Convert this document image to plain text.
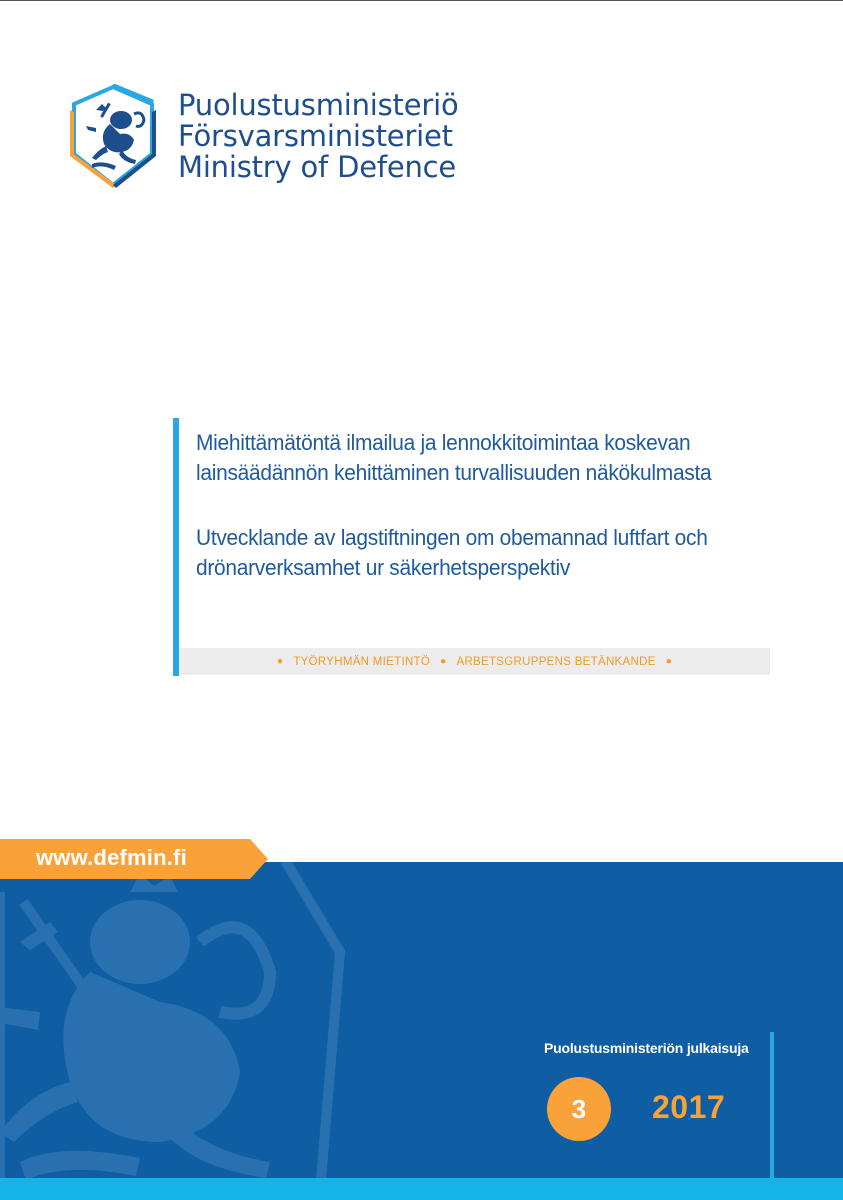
Puolustusministeriö
Försvarsministeriet
Ministry of Defence
Miehittämätöntä ilmailua ja lennokkitoimintaa koskevan
lainsäädännön kehittäminen turvallisuuden näkökulmasta
Utvecklande av lagstiftningen om obemannad luftfart och
drönarverksamhet ur säkerhetsperspektiv
● TYÖRYHMÄN MIETINTÖ ● ARBETSGRUPPENS BETÄNKANDE ●
www.defmin.fi
Puolustusministeriön julkaisuja
3 2017
